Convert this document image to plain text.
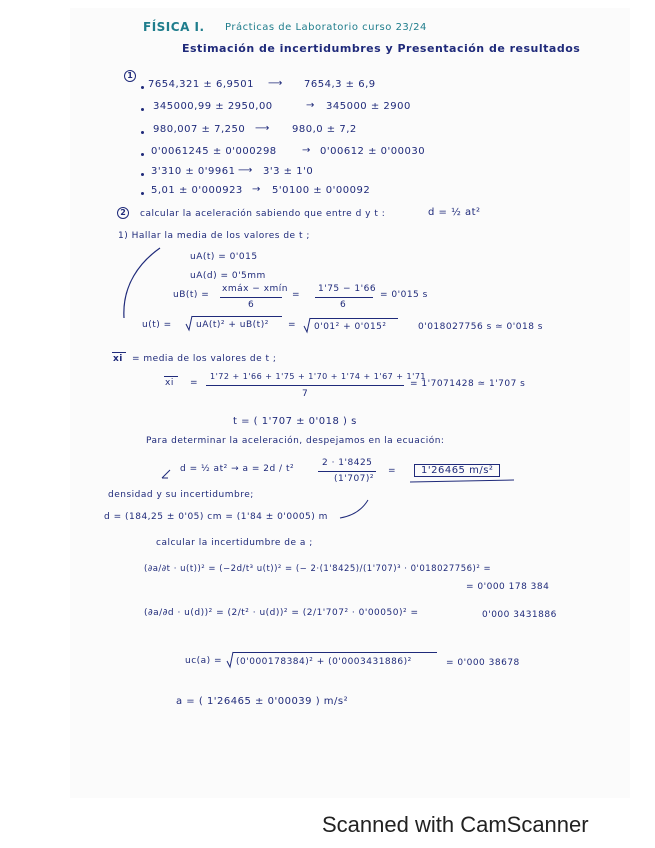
FÍSICA I. Prácticas de Laboratorio curso 23/24
Estimación de incertidumbres y Presentación de resultados
1
7654,321 ± 6,9501 ⟶ 7654,3 ± 6,9
345000,99 ± 2950,00	→ 345000 ± 2900
980,007 ± 7,250 ⟶ 980,0 ± 7,2
0'0061245 ± 0'000298	→ 0'00612 ± 0'00030
3'310 ± 0'9961 ⟶ 3'3 ± 1'0
5,01 ± 0'000923 → 5'0100 ± 0'00092
2	calcular la aceleración sabiendo que entre d y t :	d = ½ at²
1) Hallar la media de los valores de t ;
uA(t) = 0'015
uA(d) = 0'5mm
uB(t) =
xmáx − xmín
6
=
1'75 − 1'66
6
= 0'015 s
u(t) =	uA(t)² + uB(t)² = 0'01² + 0'015²	0'018027756 s ≃ 0'018 s
xi = media de los valores de t ;
xi =
1'72 + 1'66 + 1'75 + 1'70 + 1'74 + 1'67 + 1'71
7
= 1'7071428 ≃ 1'707 s
t = ( 1'707 ± 0'018 ) s
Para determinar la aceleración, despejamos en la ecuación:
d = ½ at² → a = 2d / t²
2 · 1'8425
(1'707)²
=	1'26465 m/s²
densidad y su incertidumbre;
d = (184,25 ± 0'05) cm = (1'84 ± 0'0005) m
calcular la incertidumbre de a ;
(∂a/∂t · u(t))² = (−2d/t³ u(t))² = (− 2·(1'8425)/(1'707)³ · 0'018027756)² =
= 0'000 178 384
(∂a/∂d · u(d))² = (2/t² · u(d))² = (2/1'707² · 0'00050)² =	0'000 3431886
uc(a) = (0'000178384)² + (0'0003431886)²	= 0'000 38678
a = ( 1'26465 ± 0'00039 ) m/s²
Scanned with CamScanner
